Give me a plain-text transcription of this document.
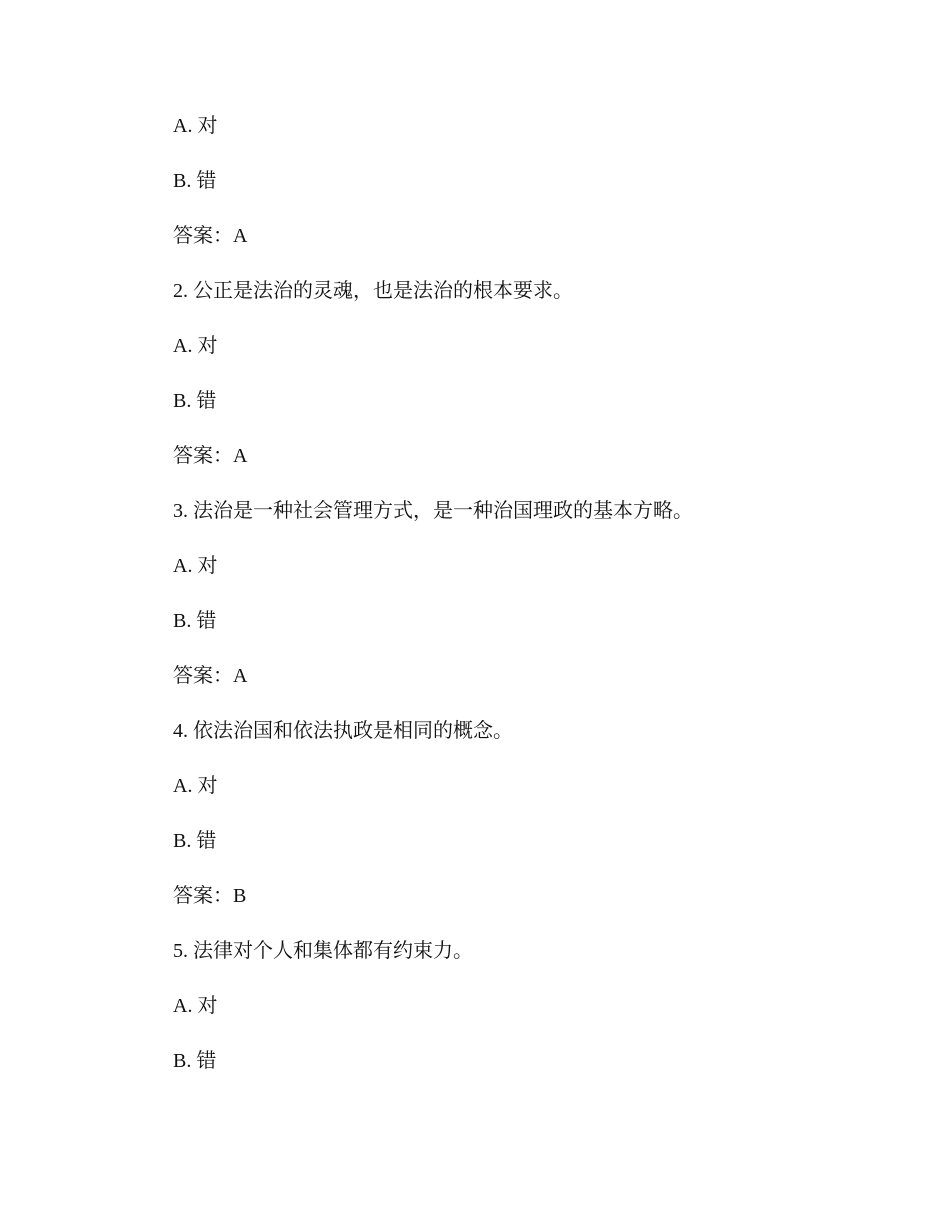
A. 对
B. 错
答案：A
2. 公正是法治的灵魂，也是法治的根本要求。
A. 对
B. 错
答案：A
3. 法治是一种社会管理方式，是一种治国理政的基本方略。
A. 对
B. 错
答案：A
4. 依法治国和依法执政是相同的概念。
A. 对
B. 错
答案：B
5. 法律对个人和集体都有约束力。
A. 对
B. 错
